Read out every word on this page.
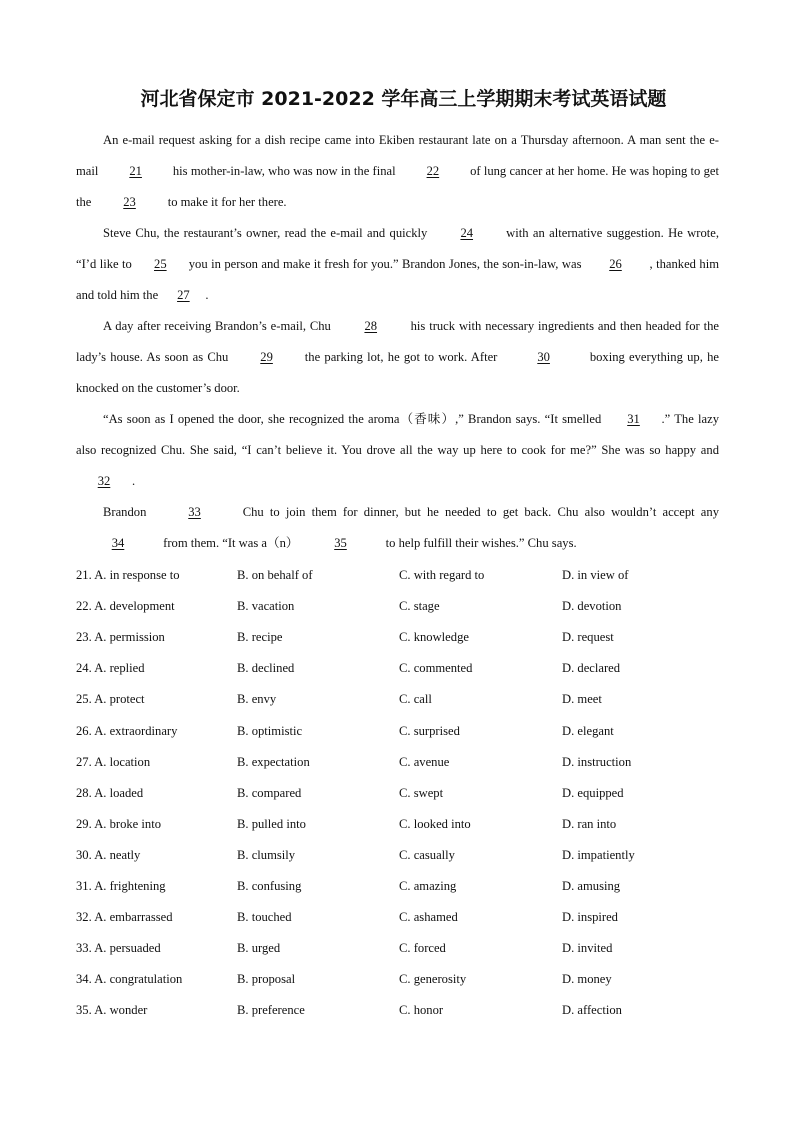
河北省保定市 2021-2022 学年高三上学期期末考试英语试题

An e-mail request asking for a dish recipe came into Ekiben restaurant late on a Thursday afternoon. A man sent the e-mail 21 his mother-in-law, who was now in the final 22 of lung cancer at her home. He was hoping to get the 23 to make it for her there.

Steve Chu, the restaurant’s owner, read the e-mail and quickly 24 with an alternative suggestion. He wrote, “I’d like to 25 you in person and make it fresh for you.” Brandon Jones, the son-in-law, was 26 , thanked him and told him the 27 .

A day after receiving Brandon’s e-mail, Chu 28 his truck with necessary ingredients and then headed for the lady’s house. As soon as Chu 29 the parking lot, he got to work. After	30	boxing everything up, he knocked on the customer’s door.

“As soon as I opened the door, she recognized the aroma（香味）,” Brandon says. “It smelled 31 .” The lazy also recognized Chu. She said, “I can’t believe it. You drove all the way up here to cook for me?” She was so happy and 32 .

Brandon	33	Chu to join them for dinner, but he needed to get back. Chu also wouldn’t accept any 34	from them. “It was a（n）	35	to help fulfill their wishes.” Chu says.

21. A. in response to	B. on behalf of	C. with regard to	D. in view of
22. A. development	B. vacation	C. stage	D. devotion
23. A. permission	B. recipe	C. knowledge	D. request
24. A. replied	B. declined	C. commented	D. declared
25. A. protect	B. envy	C. call	D. meet
26. A. extraordinary	B. optimistic	C. surprised	D. elegant
27. A. location	B. expectation	C. avenue	D. instruction
28. A. loaded	B. compared	C. swept	D. equipped
29. A. broke into	B. pulled into	C. looked into	D. ran into
30. A. neatly	B. clumsily	C. casually	D. impatiently
31. A. frightening	B. confusing	C. amazing	D. amusing
32. A. embarrassed	B. touched	C. ashamed	D. inspired
33. A. persuaded	B. urged	C. forced	D. invited
34. A. congratulation	B. proposal	C. generosity	D. money
35. A. wonder	B. preference	C. honor	D. affection
